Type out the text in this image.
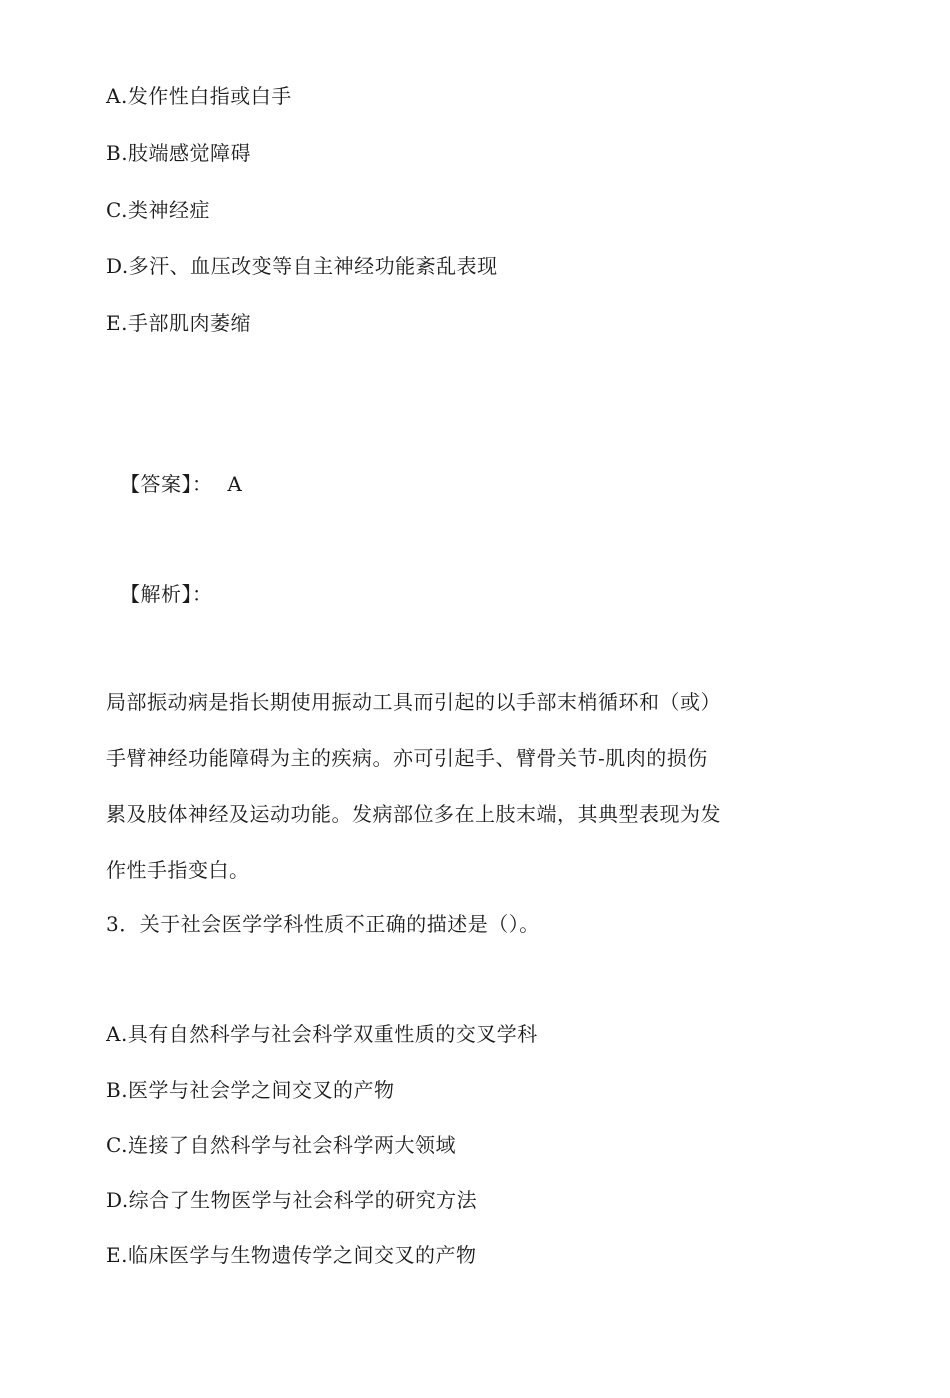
A.发作性白指或白手
B.肢端感觉障碍
C.类神经症
D.多汗、血压改变等自主神经功能紊乱表现
E.手部肌肉萎缩
【答案】： A
【解析】：
局部振动病是指长期使用振动工具而引起的以手部末梢循环和（或）
手臂神经功能障碍为主的疾病。亦可引起手、臂骨关节-肌肉的损伤
累及肢体神经及运动功能。发病部位多在上肢末端，其典型表现为发
作性手指变白。
3．关于社会医学学科性质不正确的描述是（）。
A.具有自然科学与社会科学双重性质的交叉学科
B.医学与社会学之间交叉的产物
C.连接了自然科学与社会科学两大领域
D.综合了生物医学与社会科学的研究方法
E.临床医学与生物遗传学之间交叉的产物
